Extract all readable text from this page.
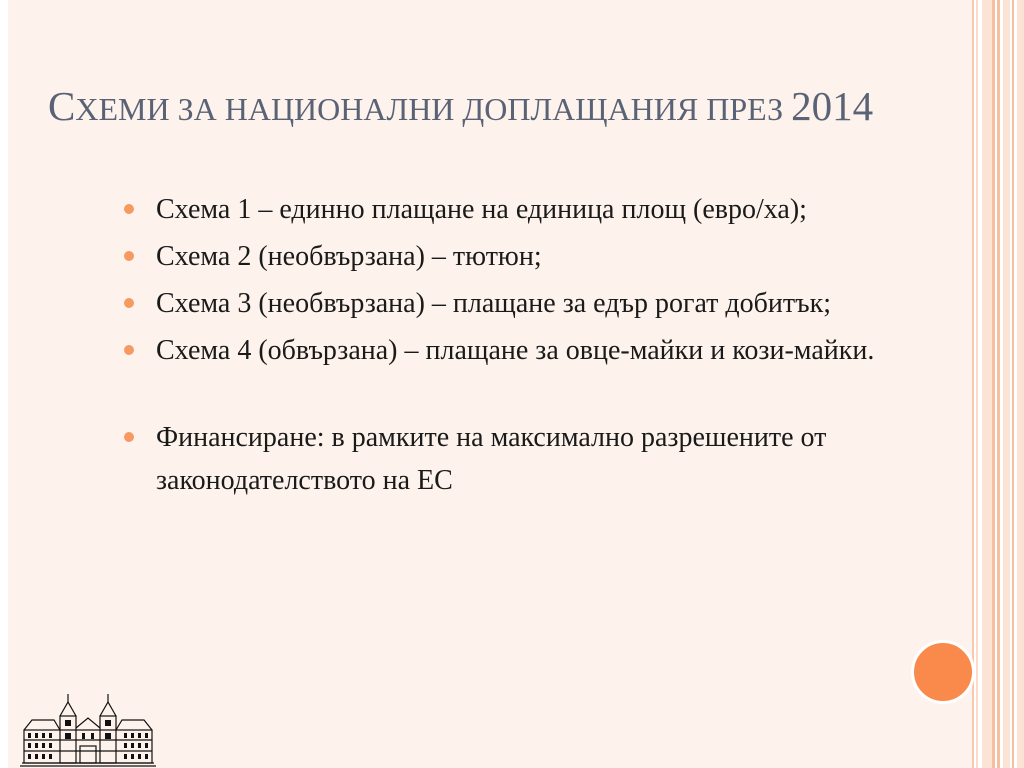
СХЕМИ ЗА НАЦИОНАЛНИ ДОПЛАЩАНИЯ ПРЕЗ 2014
Схема 1 – единно плащане на единица площ (евро/ха);
Схема 2 (необвързана) – тютюн;
Схема 3 (необвързана) – плащане за едър рогат добитък;
Схема 4 (обвързана) – плащане за овце-майки и кози-майки.
Финансиране: в рамките на максимално разрешените от законодателството на ЕС
